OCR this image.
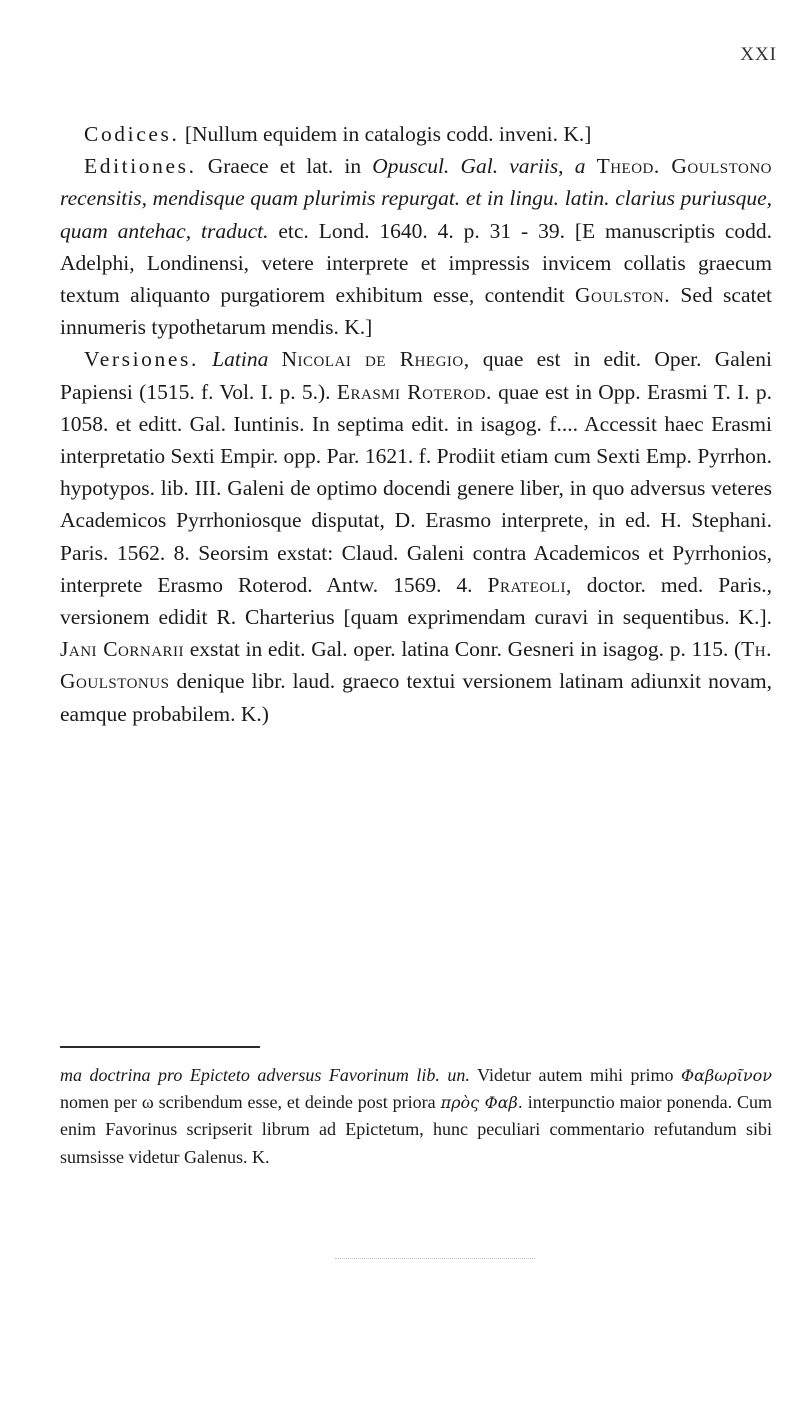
XXI

Codices. [Nullum equidem in catalogis codd. inveni. K.]

Editiones. Graece et lat. in Opuscul. Gal. variis, a Theod. Goulstono recensitis, mendisque quam plurimis repurgat. et in lingu. latin. clarius puriusque, quam antehac, traduct. etc. Lond. 1640. 4. p. 31 - 39. [E manuscriptis codd. Adelphi, Londinensi, vetere interprete et impressis invicem collatis graecum textum aliquanto purgatiorem exhibitum esse, contendit Goulston. Sed scatet innumeris typothetarum mendis. K.]

Versiones. Latina Nicolai de Rhegio, quae est in edit. Oper. Galeni Papiensi (1515. f. Vol. I. p. 5.). Erasmi Roterod. quae est in Opp. Erasmi T. I. p. 1058. et editt. Gal. Iuntinis. In septima edit. in isagog. f.... Accessit haec Erasmi interpretatio Sexti Empir. opp. Par. 1621. f. Prodiit etiam cum Sexti Emp. Pyrrhon. hypotypos. lib. III. Galeni de optimo docendi genere liber, in quo adversus veteres Academicos Pyrrhoniosque disputat, D. Erasmo interprete, in ed. H. Stephani. Paris. 1562. 8. Seorsim exstat: Claud. Galeni contra Academicos et Pyrrhonios, interprete Erasmo Roterod. Antw. 1569. 4. Prateoli, doctor. med. Paris., versionem edidit R. Charterius [quam exprimendam curavi in sequentibus. K.]. Jani Cornarii exstat in edit. Gal. oper. latina Conr. Gesneri in isagog. p. 115. (Th. Goulstonus denique libr. laud. graeco textui versionem latinam adiunxit novam, eamque probabilem. K.)

ma doctrina pro Epicteto adversus Favorinum lib. un. Videtur autem mihi primo Φαβωρῖνον nomen per ω scribendum esse, et deinde post priora πρὸς Φαβ. interpunctio maior ponenda. Cum enim Favorinus scripserit librum ad Epictetum, hunc peculiari commentario refutandum sibi sumsisse videtur Galenus. K.
